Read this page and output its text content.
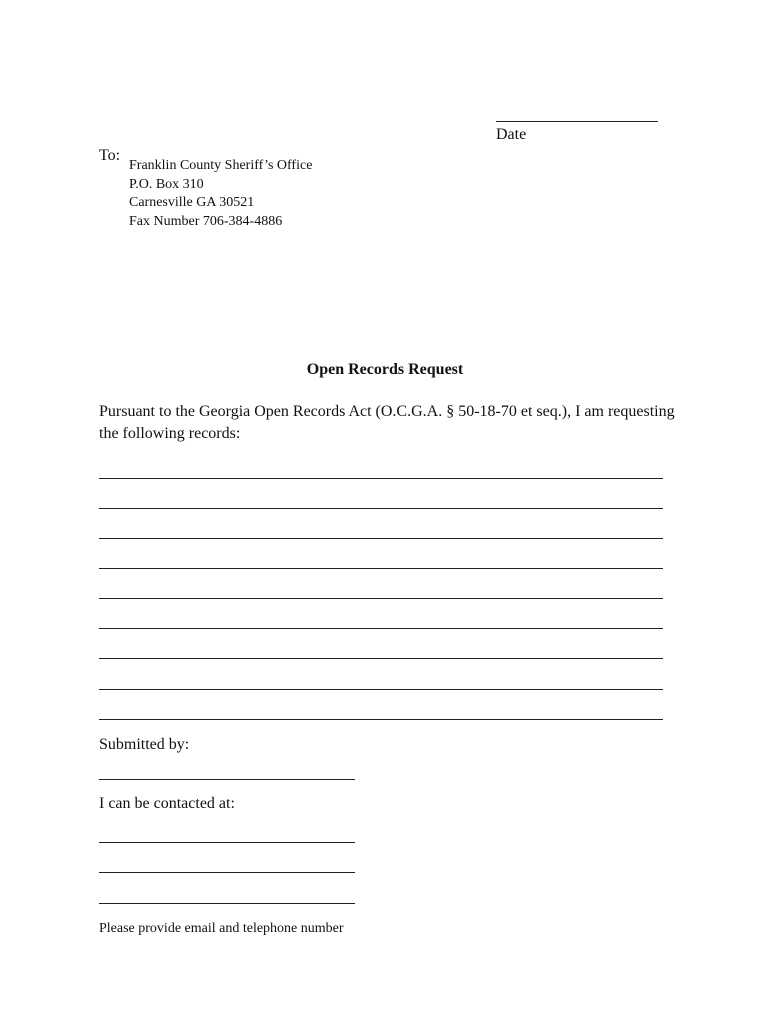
Date
To:
Franklin County Sheriff’s Office
P.O. Box 310
Carnesville GA 30521
Fax Number 706-384-4886
Open Records Request
Pursuant to the Georgia Open Records Act (O.C.G.A. § 50-18-70 et seq.), I am requesting the following records:
Submitted by:
I can be contacted at:
Please provide email and telephone number
